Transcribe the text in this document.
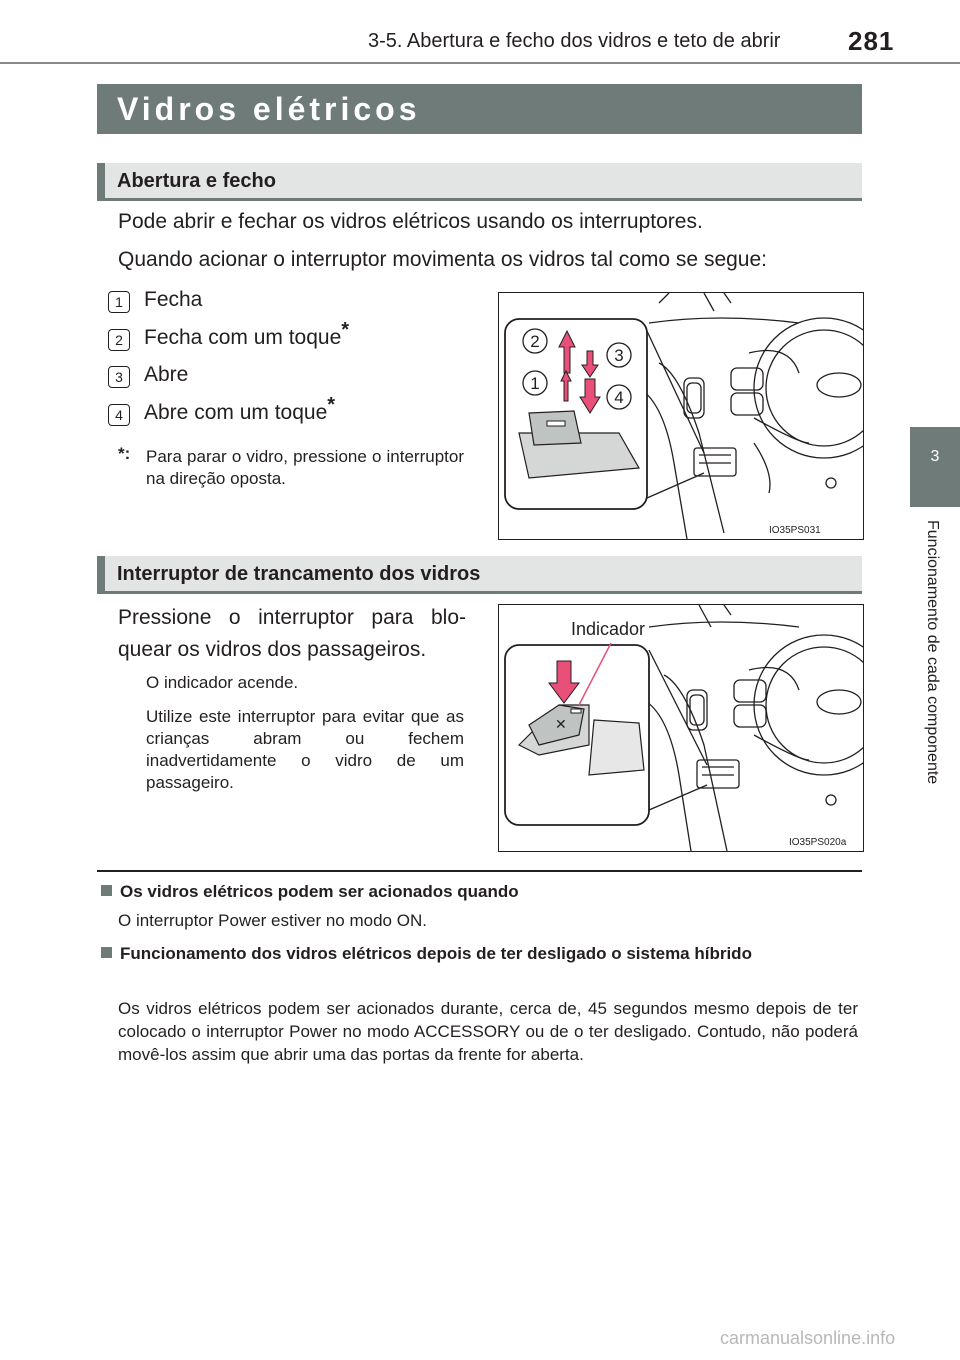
3-5. Abertura e fecho dos vidros e teto de abrir	281
3
Funcionamento de cada componente
Vidros elétricos
Abertura e fecho
Pode abrir e fechar os vidros elétricos usando os interruptores.
Quando acionar o interruptor movimenta os vidros tal como se segue:
1	Fecha
2	Fecha com um toque*
3	Abre
4	Abre com um toque*
*: Para parar o vidro, pressione o interruptor na direção oposta.
2
3
1
4
IO35PS031
Interruptor de trancamento dos vidros
Pressione o interruptor para blo-quear os vidros dos passageiros.
O indicador acende.
Utilize este interruptor para evitar que as crianças abram ou fechem inadvertidamente o vidro de um passageiro.
✕
Indicador
IO35PS020a
Os vidros elétricos podem ser acionados quando
O interruptor Power estiver no modo ON.
Funcionamento dos vidros elétricos depois de ter desligado o sistema híbrido
Os vidros elétricos podem ser acionados durante, cerca de, 45 segundos mesmo depois de ter colocado o interruptor Power no modo ACCESSORY ou de o ter desligado. Contudo, não poderá movê-los assim que abrir uma das portas da frente for aberta.
carmanualsonline.info
